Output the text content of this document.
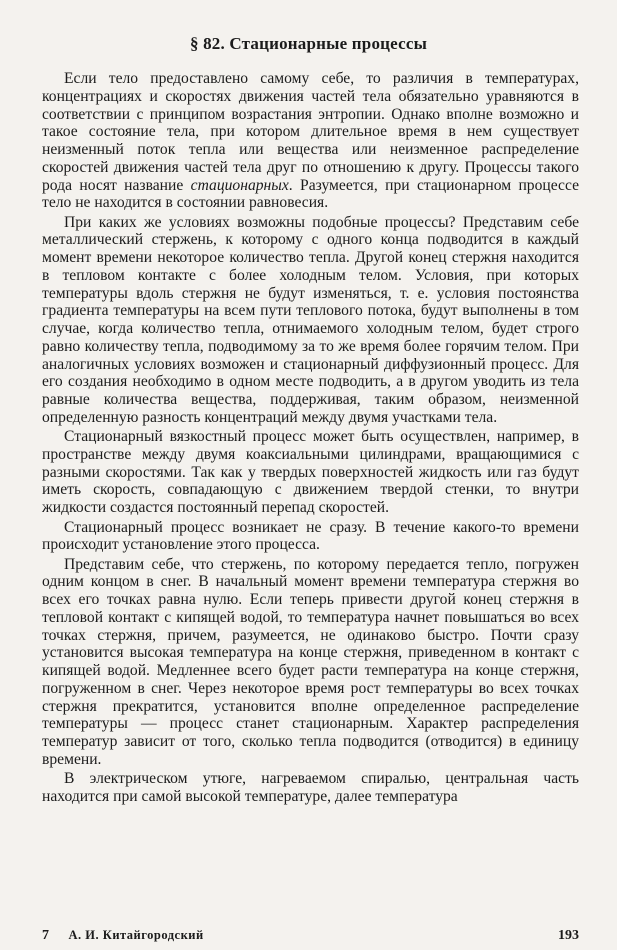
§ 82. Стационарные процессы

Если тело предоставлено самому себе, то различия в температурах, концентрациях и скоростях движения частей тела обязательно уравняются в соответствии с принципом возрастания энтропии. Однако вполне возможно и такое состояние тела, при котором длительное время в нем существует неизменный поток тепла или вещества или неизменное распределение скоростей движения частей тела друг по отношению к другу. Процессы такого рода носят название стационарных. Разумеется, при стационарном процессе тело не находится в состоянии равновесия.

При каких же условиях возможны подобные процессы? Представим себе металлический стержень, к которому с одного конца подводится в каждый момент времени некоторое количество тепла. Другой конец стержня находится в тепловом контакте с более холодным телом. Условия, при которых температуры вдоль стержня не будут изменяться, т. е. условия постоянства градиента температуры на всем пути теплового потока, будут выполнены в том случае, когда количество тепла, отнимаемого холодным телом, будет строго равно количеству тепла, подводимому за то же время более горячим телом. При аналогичных условиях возможен и стационарный диффузионный процесс. Для его создания необходимо в одном месте подводить, а в другом уводить из тела равные количества вещества, поддерживая, таким образом, неизменной определенную разность концентраций между двумя участками тела.

Стационарный вязкостный процесс может быть осуществлен, например, в пространстве между двумя коаксиальными цилиндрами, вращающимися с разными скоростями. Так как у твердых поверхностей жидкость или газ будут иметь скорость, совпадающую с движением твердой стенки, то внутри жидкости создастся постоянный перепад скоростей.

Стационарный процесс возникает не сразу. В течение какого-то времени происходит установление этого процесса.

Представим себе, что стержень, по которому передается тепло, погружен одним концом в снег. В начальный момент времени температура стержня во всех его точках равна нулю. Если теперь привести другой конец стержня в тепловой контакт с кипящей водой, то температура начнет повышаться во всех точках стержня, причем, разумеется, не одинаково быстро. Почти сразу установится высокая температура на конце стержня, приведенном в контакт с кипящей водой. Медленнее всего будет расти температура на конце стержня, погруженном в снег. Через некоторое время рост температуры во всех точках стержня прекратится, установится вполне определенное распределение температуры — процесс станет стационарным. Характер распределения температур зависит от того, сколько тепла подводится (отводится) в единицу времени.

В электрическом утюге, нагреваемом спиралью, центральная часть находится при самой высокой температуре, далее температура

7 А. И. Китайгородский	193
